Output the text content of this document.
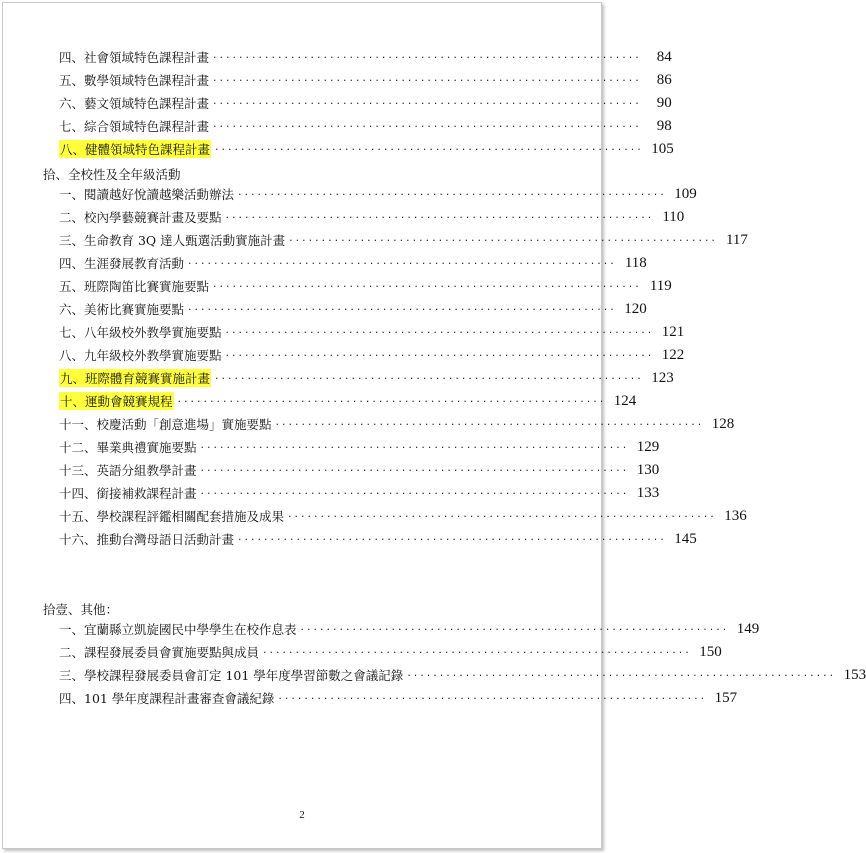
四、社會領域特色課程計畫 ··································································	84
五、數學領域特色課程計畫 ··································································	86
六、藝文領域特色課程計畫 ··································································	90
七、綜合領域特色課程計畫 ··································································	98
八、健體領域特色課程計畫 ·································································· 105
拾、全校性及全年級活動
一、閱讀越好悅讀越樂活動辦法 ·································································· 109
二、校內學藝競賽計畫及要點 ·································································· 110
三、生命教育 3Q 達人甄選活動實施計畫 ·································································· 117
四、生涯發展教育活動 ·································································· 118
五、班際陶笛比賽實施要點 ·································································· 119
六、美術比賽實施要點 ·································································· 120
七、八年級校外教學實施要點 ·································································· 121
八、九年級校外教學實施要點 ·································································· 122
九、班際體育競賽實施計畫 ·································································· 123
十、運動會競賽規程 ·································································· 124
十一、校慶活動「創意進場」實施要點 ·································································· 128
十二、畢業典禮實施要點 ·································································· 129
十三、英語分組教學計畫 ·································································· 130
十四、銜接補救課程計畫 ·································································· 133
十五、學校課程評鑑相關配套措施及成果 ·································································· 136
十六、推動台灣母語日活動計畫 ·································································· 145
拾壹、其他：
一、宜蘭縣立凱旋國民中學學生在校作息表 ·································································· 149
二、課程發展委員會實施要點與成員 ·································································· 150
三、學校課程發展委員會訂定 101 學年度學習節數之會議記錄 ·································································· 153
四、101 學年度課程計畫審查會議紀錄 ·································································· 157
2
